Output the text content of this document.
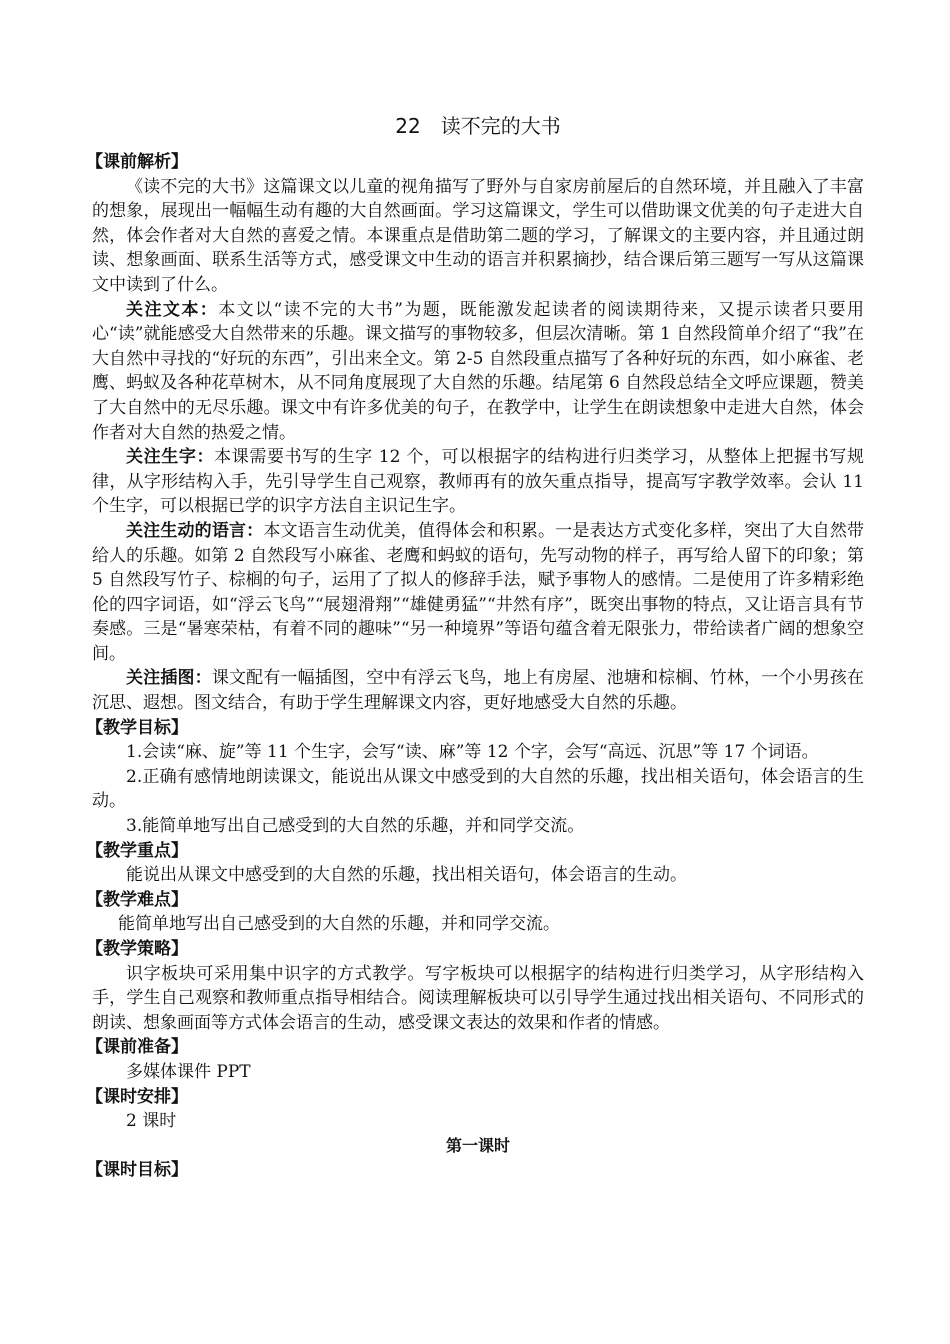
22　读不完的大书
【课前解析】

《读不完的大书》这篇课文以儿童的视角描写了野外与自家房前屋后的自然环境，并且融入了丰富的想象，展现出一幅幅生动有趣的大自然画面。学习这篇课文，学生可以借助课文优美的句子走进大自然，体会作者对大自然的喜爱之情。本课重点是借助第二题的学习，了解课文的主要内容，并且通过朗读、想象画面、联系生活等方式，感受课文中生动的语言并积累摘抄，结合课后第三题写一写从这篇课文中读到了什么。

关注文本：本文以“读不完的大书”为题，既能激发起读者的阅读期待来，又提示读者只要用心“读”就能感受大自然带来的乐趣。课文描写的事物较多，但层次清晰。第 1 自然段简单介绍了“我”在大自然中寻找的“好玩的东西”，引出来全文。第 2-5 自然段重点描写了各种好玩的东西，如小麻雀、老鹰、蚂蚁及各种花草树木，从不同角度展现了大自然的乐趣。结尾第 6 自然段总结全文呼应课题，赞美了大自然中的无尽乐趣。课文中有许多优美的句子，在教学中，让学生在朗读想象中走进大自然，体会作者对大自然的热爱之情。

关注生字：本课需要书写的生字 12 个，可以根据字的结构进行归类学习，从整体上把握书写规律，从字形结构入手，先引导学生自己观察，教师再有的放矢重点指导，提高写字教学效率。会认 11 个生字，可以根据已学的识字方法自主识记生字。

关注生动的语言：本文语言生动优美，值得体会和积累。一是表达方式变化多样，突出了大自然带给人的乐趣。如第 2 自然段写小麻雀、老鹰和蚂蚁的语句，先写动物的样子，再写给人留下的印象；第 5 自然段写竹子、棕榈的句子，运用了了拟人的修辞手法，赋予事物人的感情。二是使用了许多精彩绝伦的四字词语，如“浮云飞鸟”“展翅滑翔”“雄健勇猛”“井然有序”，既突出事物的特点，又让语言具有节奏感。三是“暑寒荣枯，有着不同的趣味”“另一种境界”等语句蕴含着无限张力，带给读者广阔的想象空间。

关注插图：课文配有一幅插图，空中有浮云飞鸟，地上有房屋、池塘和棕榈、竹林，一个小男孩在沉思、遐想。图文结合，有助于学生理解课文内容，更好地感受大自然的乐趣。

【教学目标】

1.会读“麻、旋”等 11 个生字，会写“读、麻”等 12 个字，会写“高远、沉思”等 17 个词语。

2.正确有感情地朗读课文，能说出从课文中感受到的大自然的乐趣，找出相关语句，体会语言的生动。

3.能简单地写出自己感受到的大自然的乐趣，并和同学交流。

【教学重点】

能说出从课文中感受到的大自然的乐趣，找出相关语句，体会语言的生动。

【教学难点】

能简单地写出自己感受到的大自然的乐趣，并和同学交流。

【教学策略】

识字板块可采用集中识字的方式教学。写字板块可以根据字的结构进行归类学习，从字形结构入手，学生自己观察和教师重点指导相结合。阅读理解板块可以引导学生通过找出相关语句、不同形式的朗读、想象画面等方式体会语言的生动，感受课文表达的效果和作者的情感。

【课前准备】

多媒体课件 PPT

【课时安排】

2 课时

第一课时
【课时目标】
